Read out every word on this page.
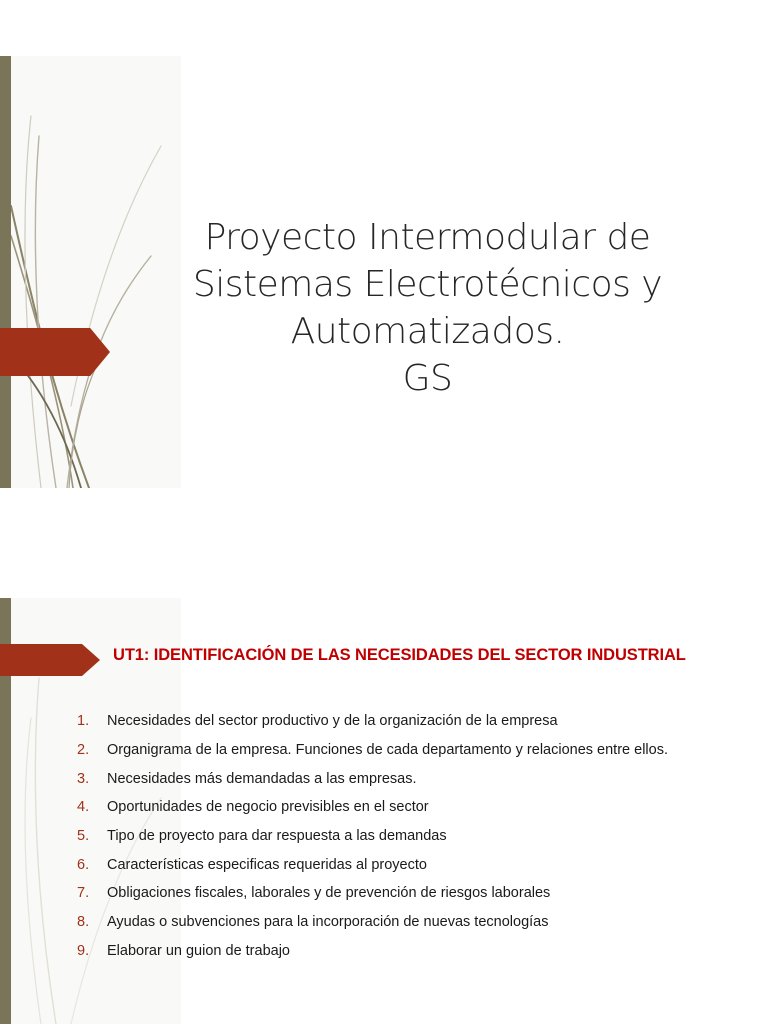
Proyecto Intermodular de
Sistemas Electrotécnicos y
Automatizados.
GS
UT1: IDENTIFICACIÓN DE LAS NECESIDADES DEL SECTOR INDUSTRIAL
1.	Necesidades del sector productivo y de la organización de la empresa
2.	Organigrama de la empresa. Funciones de cada departamento y relaciones entre ellos.
3.	Necesidades más demandadas a las empresas.
4.	Oportunidades de negocio previsibles en el sector
5.	Tipo de proyecto para dar respuesta a las demandas
6.	Características especificas requeridas al proyecto
7.	Obligaciones fiscales, laborales y de prevención de riesgos laborales
8.	Ayudas o subvenciones para la incorporación de nuevas tecnologías
9.	Elaborar un guion de trabajo
